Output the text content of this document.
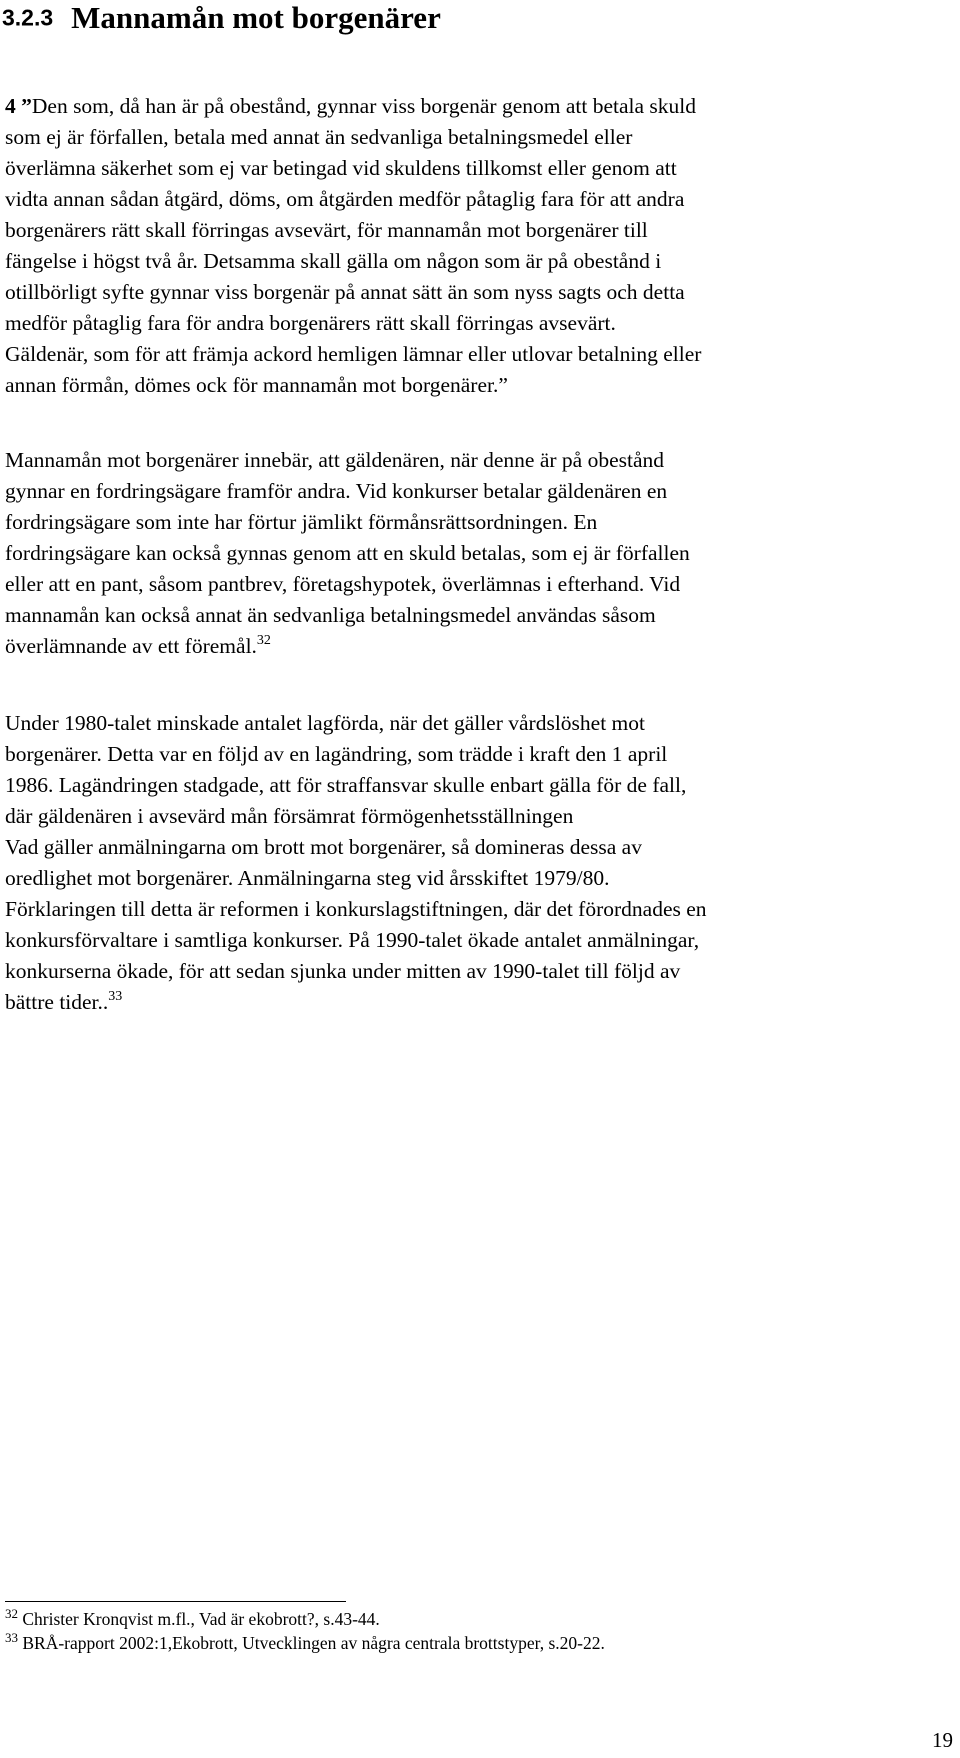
3.2.3 Mannamån mot borgenärer
4 ”Den som, då han är på obestånd, gynnar viss borgenär genom att betala skuld
som ej är förfallen, betala med annat än sedvanliga betalningsmedel eller
överlämna säkerhet som ej var betingad vid skuldens tillkomst eller genom att
vidta annan sådan åtgärd, döms, om åtgärden medför påtaglig fara för att andra
borgenärers rätt skall förringas avsevärt, för mannamån mot borgenärer till
fängelse i högst två år. Detsamma skall gälla om någon som är på obestånd i
otillbörligt syfte gynnar viss borgenär på annat sätt än som nyss sagts och detta
medför påtaglig fara för andra borgenärers rätt skall förringas avsevärt.
Gäldenär, som för att främja ackord hemligen lämnar eller utlovar betalning eller
annan förmån, dömes ock för mannamån mot borgenärer.”
Mannamån mot borgenärer innebär, att gäldenären, när denne är på obestånd
gynnar en fordringsägare framför andra. Vid konkurser betalar gäldenären en
fordringsägare som inte har förtur jämlikt förmånsrättsordningen. En
fordringsägare kan också gynnas genom att en skuld betalas, som ej är förfallen
eller att en pant, såsom pantbrev, företagshypotek, överlämnas i efterhand. Vid
mannamån kan också annat än sedvanliga betalningsmedel användas såsom
överlämnande av ett föremål.$^{32}$
Under 1980-talet minskade antalet lagförda, när det gäller vårdslöshet mot
borgenärer. Detta var en följd av en lagändring, som trädde i kraft den 1 april
1986. Lagändringen stadgade, att för straffansvar skulle enbart gälla för de fall,
där gäldenären i avsevärd mån försämrat förmögenhetsställningen
Vad gäller anmälningarna om brott mot borgenärer, så domineras dessa av
oredlighet mot borgenärer. Anmälningarna steg vid årsskiftet 1979/80.
Förklaringen till detta är reformen i konkurslagstiftningen, där det förordnades en
konkursförvaltare i samtliga konkurser. På 1990-talet ökade antalet anmälningar,
konkurserna ökade, för att sedan sjunka under mitten av 1990-talet till följd av
bättre tider..$^{33}$
$^{32}$ Christer Kronqvist m.fl., Vad är ekobrott?, s.43-44.
$^{33}$ BRÅ-rapport 2002:1,Ekobrott, Utvecklingen av några centrala brottstyper, s.20-22.
19
